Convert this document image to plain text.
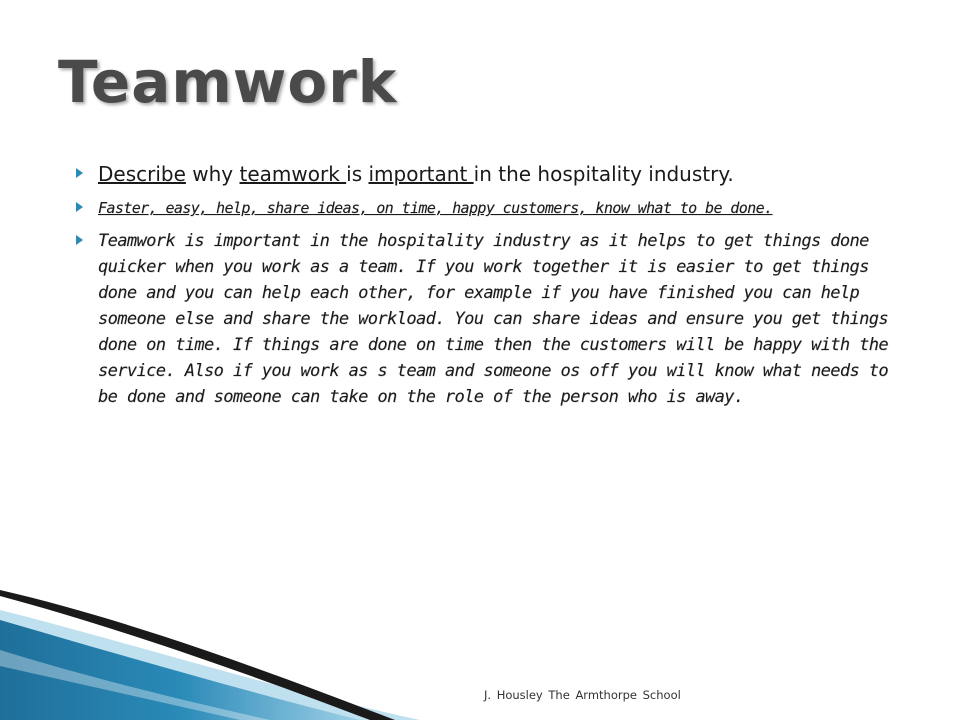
Teamwork
Describe why teamwork is important in the hospitality industry.
Faster, easy, help, share ideas, on time, happy customers, know what to be done.
Teamwork is important in the hospitality industry as it helps to get things done quicker when you work as a team. If you work together it is easier to get things done and you can help each other, for example if you have finished you can help someone else and share the workload. You can share ideas and ensure you get things done on time. If things are done on time then the customers will be happy with the service. Also if you work as s team and someone os off you will know what needs to be done and someone can take on the role of the person who is away.
J. Housley The Armthorpe School
